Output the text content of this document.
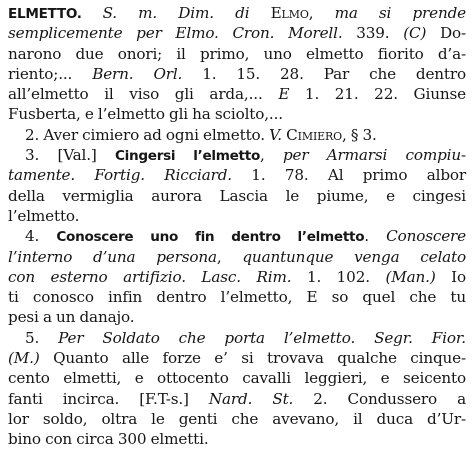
ELMETTO. S. m. Dim. di Elmo, ma si prende
semplicemente per Elmo. Cron. Morell. 339. (C) Do-
narono due onori; il primo, uno elmetto fiorito d’a-
riento;... Bern. Orl. 1. 15. 28. Par che dentro
all’elmetto il viso gli arda,... E 1. 21. 22. Giunse
Fusberta, e l’elmetto gli ha sciolto,...
2. Aver cimiero ad ogni elmetto. V. Cimiero, § 3.
3. [Val.] Cingersi l’elmetto, per Armarsi compiu-
tamente. Fortig. Ricciard. 1. 78. Al primo albor
della vermiglia aurora Lascia le piume, e cingesi
l’elmetto.
4. Conoscere uno fin dentro l’elmetto. Conoscere
l’interno d’una persona, quantunque venga celato
con esterno artifizio. Lasc. Rim. 1. 102. (Man.) Io
ti conosco infin dentro l’elmetto, E so quel che tu
pesi a un danajo.
5. Per Soldato che porta l’elmetto. Segr. Fior.
(M.) Quanto alle forze e’ si trovava qualche cinque-
cento elmetti, e ottocento cavalli leggieri, e seicento
fanti incirca. [F.T-s.] Nard. St. 2. Condussero a
lor soldo, oltra le genti che avevano, il duca d’Ur-
bino con circa 300 elmetti.
